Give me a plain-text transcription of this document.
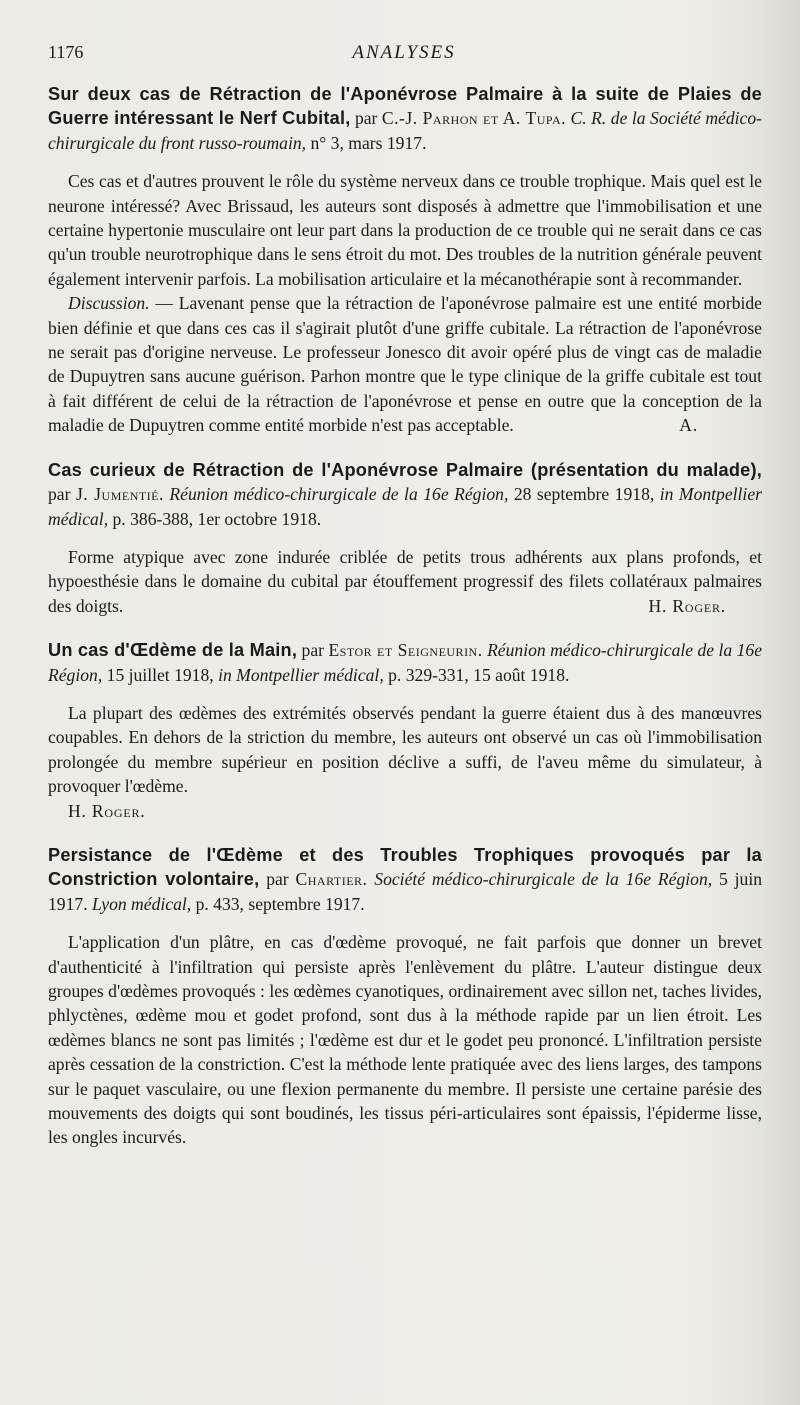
1176	ANALYSES

Sur deux cas de Rétraction de l'Aponévrose Palmaire à la suite de Plaies de Guerre intéressant le Nerf Cubital, par C.-J. Parhon et A. Tupa. C. R. de la Société médico-chirurgicale du front russo-roumain, n° 3, mars 1917.

Ces cas et d'autres prouvent le rôle du système nerveux dans ce trouble trophique. Mais quel est le neurone intéressé? Avec Brissaud, les auteurs sont disposés à admettre que l'immobilisation et une certaine hypertonie musculaire ont leur part dans la production de ce trouble qui ne serait dans ce cas qu'un trouble neurotrophique dans le sens étroit du mot. Des troubles de la nutrition générale peuvent également intervenir parfois. La mobilisation articulaire et la mécanothérapie sont à recommander.

Discussion. — Lavenant pense que la rétraction de l'aponévrose palmaire est une entité morbide bien définie et que dans ces cas il s'agirait plutôt d'une griffe cubitale. La rétraction de l'aponévrose ne serait pas d'origine nerveuse. Le professeur Jonesco dit avoir opéré plus de vingt cas de maladie de Dupuytren sans aucune guérison. Parhon montre que le type clinique de la griffe cubitale est tout à fait différent de celui de la rétraction de l'aponévrose et pense en outre que la conception de la maladie de Dupuytren comme entité morbide n'est pas acceptable.	A.

Cas curieux de Rétraction de l'Aponévrose Palmaire (présentation du malade), par J. Jumentié. Réunion médico-chirurgicale de la 16e Région, 28 septembre 1918, in Montpellier médical, p. 386-388, 1er octobre 1918.

Forme atypique avec zone indurée criblée de petits trous adhérents aux plans profonds, et hypoesthésie dans le domaine du cubital par étouffement progressif des filets collatéraux palmaires des doigts.	H. Roger.

Un cas d'Œdème de la Main, par Estor et Seigneurin. Réunion médico-chirurgicale de la 16e Région, 15 juillet 1918, in Montpellier médical, p. 329-331, 15 août 1918.

La plupart des œdèmes des extrémités observés pendant la guerre étaient dus à des manœuvres coupables. En dehors de la striction du membre, les auteurs ont observé un cas où l'immobilisation prolongée du membre supérieur en position déclive a suffi, de l'aveu même du simulateur, à provoquer l'œdème.

H. Roger.

Persistance de l'Œdème et des Troubles Trophiques provoqués par la Constriction volontaire, par Chartier. Société médico-chirurgicale de la 16e Région, 5 juin 1917. Lyon médical, p. 433, septembre 1917.

L'application d'un plâtre, en cas d'œdème provoqué, ne fait parfois que donner un brevet d'authenticité à l'infiltration qui persiste après l'enlèvement du plâtre. L'auteur distingue deux groupes d'œdèmes provoqués : les œdèmes cyanotiques, ordinairement avec sillon net, taches livides, phlyctènes, œdème mou et godet profond, sont dus à la méthode rapide par un lien étroit. Les œdèmes blancs ne sont pas limités ; l'œdème est dur et le godet peu prononcé. L'infiltration persiste après cessation de la constriction. C'est la méthode lente pratiquée avec des liens larges, des tampons sur le paquet vasculaire, ou une flexion permanente du membre. Il persiste une certaine parésie des mouvements des doigts qui sont boudinés, les tissus péri-articulaires sont épaissis, l'épiderme lisse, les ongles incurvés.
